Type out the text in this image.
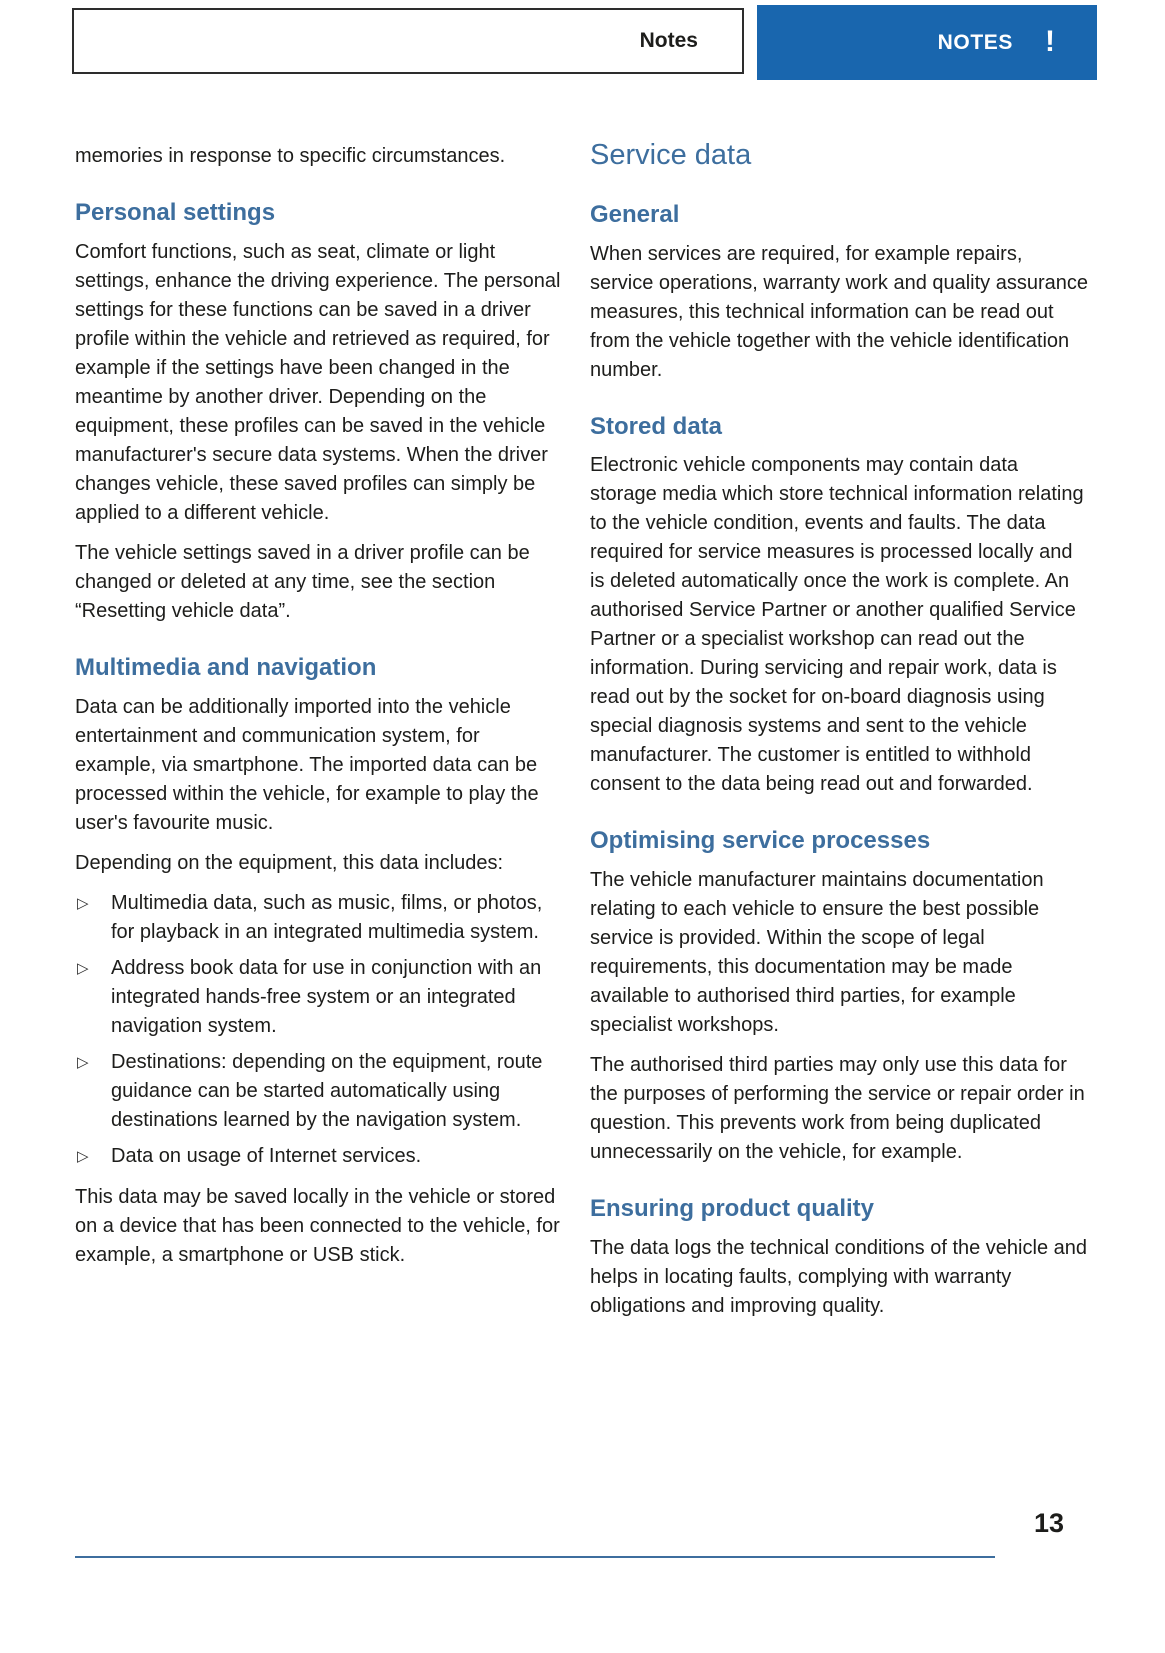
Notes	NOTES !

memories in response to specific circumstances.

Personal settings

Comfort functions, such as seat, climate or light settings, enhance the driving experience. The personal settings for these functions can be saved in a driver profile within the vehicle and retrieved as required, for example if the settings have been changed in the meantime by another driver. Depending on the equipment, these profiles can be saved in the vehicle manufacturer's secure data systems. When the driver changes vehicle, these saved profiles can simply be applied to a different vehicle.

The vehicle settings saved in a driver profile can be changed or deleted at any time, see the section “Resetting vehicle data”.

Multimedia and navigation

Data can be additionally imported into the vehicle entertainment and communication system, for example, via smartphone. The imported data can be processed within the vehicle, for example to play the user's favourite music.

Depending on the equipment, this data includes:

▷ Multimedia data, such as music, films, or photos, for playback in an integrated multimedia system.
▷ Address book data for use in conjunction with an integrated hands-free system or an integrated navigation system.
▷ Destinations: depending on the equipment, route guidance can be started automatically using destinations learned by the navigation system.
▷ Data on usage of Internet services.

This data may be saved locally in the vehicle or stored on a device that has been connected to the vehicle, for example, a smartphone or USB stick.

Service data
General

When services are required, for example repairs, service operations, warranty work and quality assurance measures, this technical information can be read out from the vehicle together with the vehicle identification number.

Stored data

Electronic vehicle components may contain data storage media which store technical information relating to the vehicle condition, events and faults. The data required for service measures is processed locally and is deleted automatically once the work is complete. An authorised Service Partner or another qualified Service Partner or a specialist workshop can read out the information. During servicing and repair work, data is read out by the socket for on-board diagnosis using special diagnosis systems and sent to the vehicle manufacturer. The customer is entitled to withhold consent to the data being read out and forwarded.

Optimising service processes

The vehicle manufacturer maintains documentation relating to each vehicle to ensure the best possible service is provided. Within the scope of legal requirements, this documentation may be made available to authorised third parties, for example specialist workshops.

The authorised third parties may only use this data for the purposes of performing the service or repair order in question. This prevents work from being duplicated unnecessarily on the vehicle, for example.

Ensuring product quality

The data logs the technical conditions of the vehicle and helps in locating faults, complying with warranty obligations and improving quality.

13
